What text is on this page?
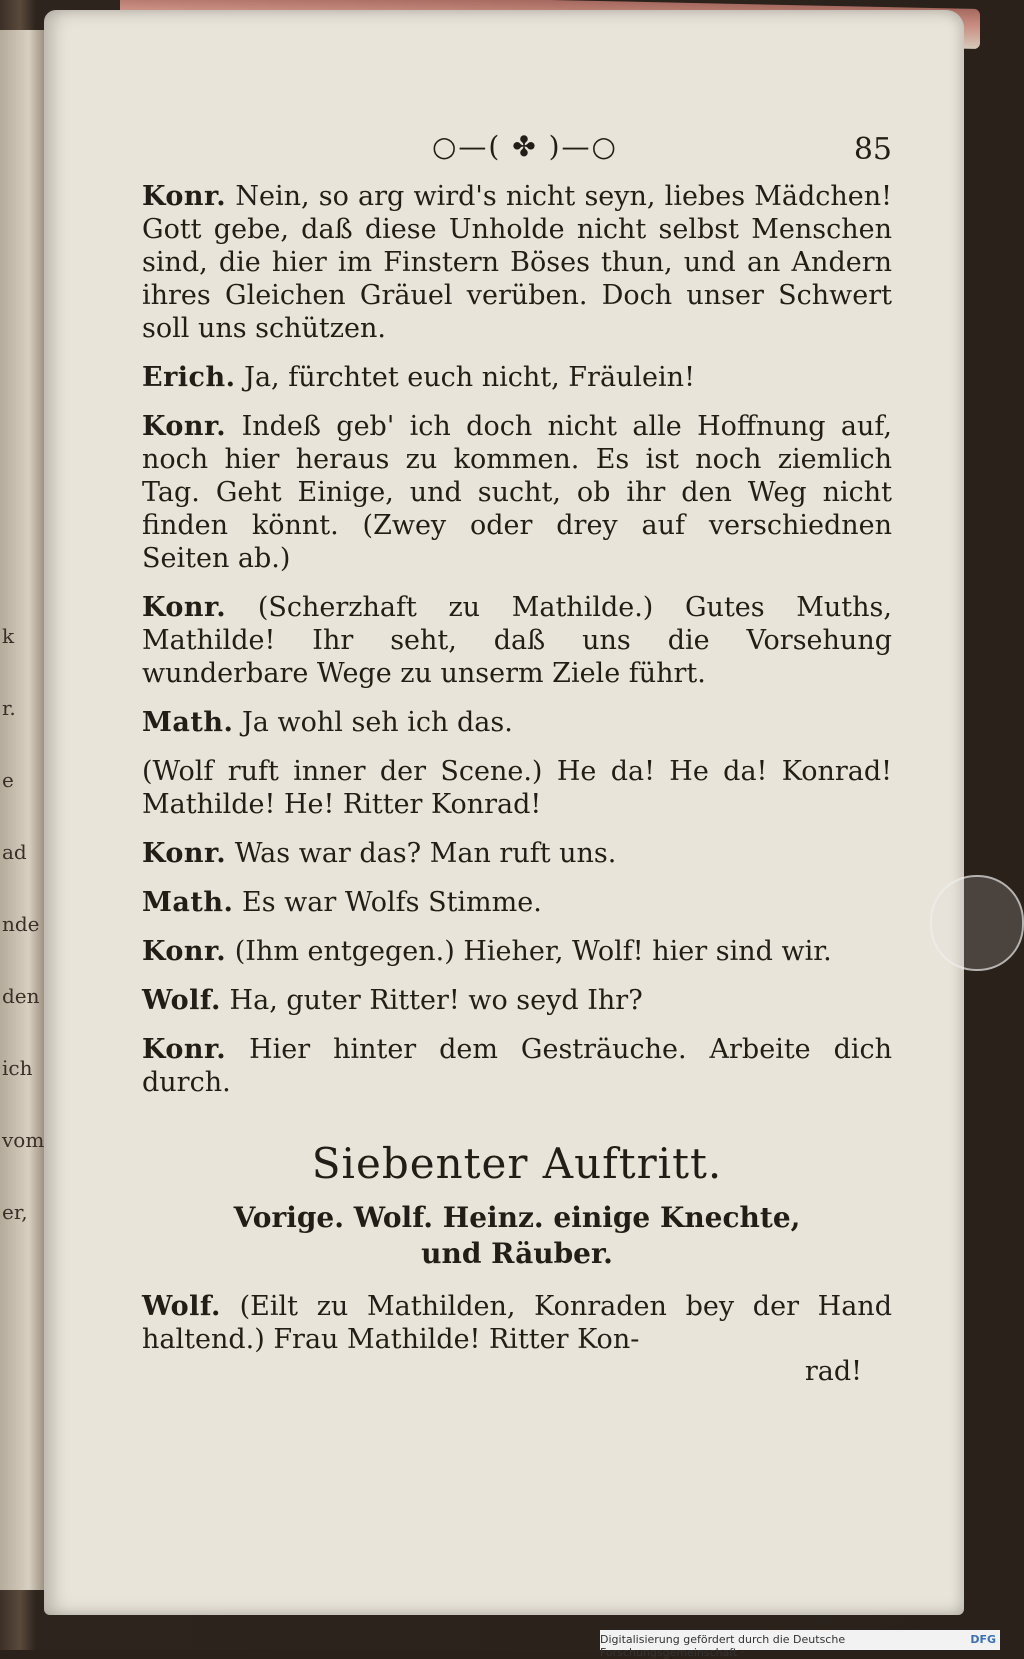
k
r.
e
ad
nde
den
ich
vom
er,
○—( ✤ )—○	85

Konr. Nein, so arg wird's nicht seyn, liebes Mädchen! Gott gebe, daß diese Unholde nicht selbst Menschen sind, die hier im Finstern Böses thun, und an Andern ihres Gleichen Gräuel verüben. Doch unser Schwert soll uns schützen.

Erich. Ja, fürchtet euch nicht, Fräulein!

Konr. Indeß geb' ich doch nicht alle Hoffnung auf, noch hier heraus zu kommen. Es ist noch ziemlich Tag. Geht Einige, und sucht, ob ihr den Weg nicht finden könnt. (Zwey oder drey auf verschiednen Seiten ab.)

Konr. (Scherzhaft zu Mathilde.) Gutes Muths, Mathilde! Ihr seht, daß uns die Vorsehung wunderbare Wege zu unserm Ziele führt.

Math. Ja wohl seh ich das.

(Wolf ruft inner der Scene.) He da! He da! Konrad! Mathilde! He! Ritter Konrad!

Konr. Was war das? Man ruft uns.

Math. Es war Wolfs Stimme.

Konr. (Ihm entgegen.) Hieher, Wolf! hier sind wir.

Wolf. Ha, guter Ritter! wo seyd Ihr?

Konr. Hier hinter dem Gesträuche. Arbeite dich durch.

Siebenter Auftritt.
Vorige. Wolf. Heinz. einige Knechte,
und Räuber.

Wolf. (Eilt zu Mathilden, Konraden bey der Hand haltend.) Frau Mathilde! Ritter Kon-

rad!
Digitalisierung gefördert durch die Deutsche Forschungsgemeinschaft ·
DFG
